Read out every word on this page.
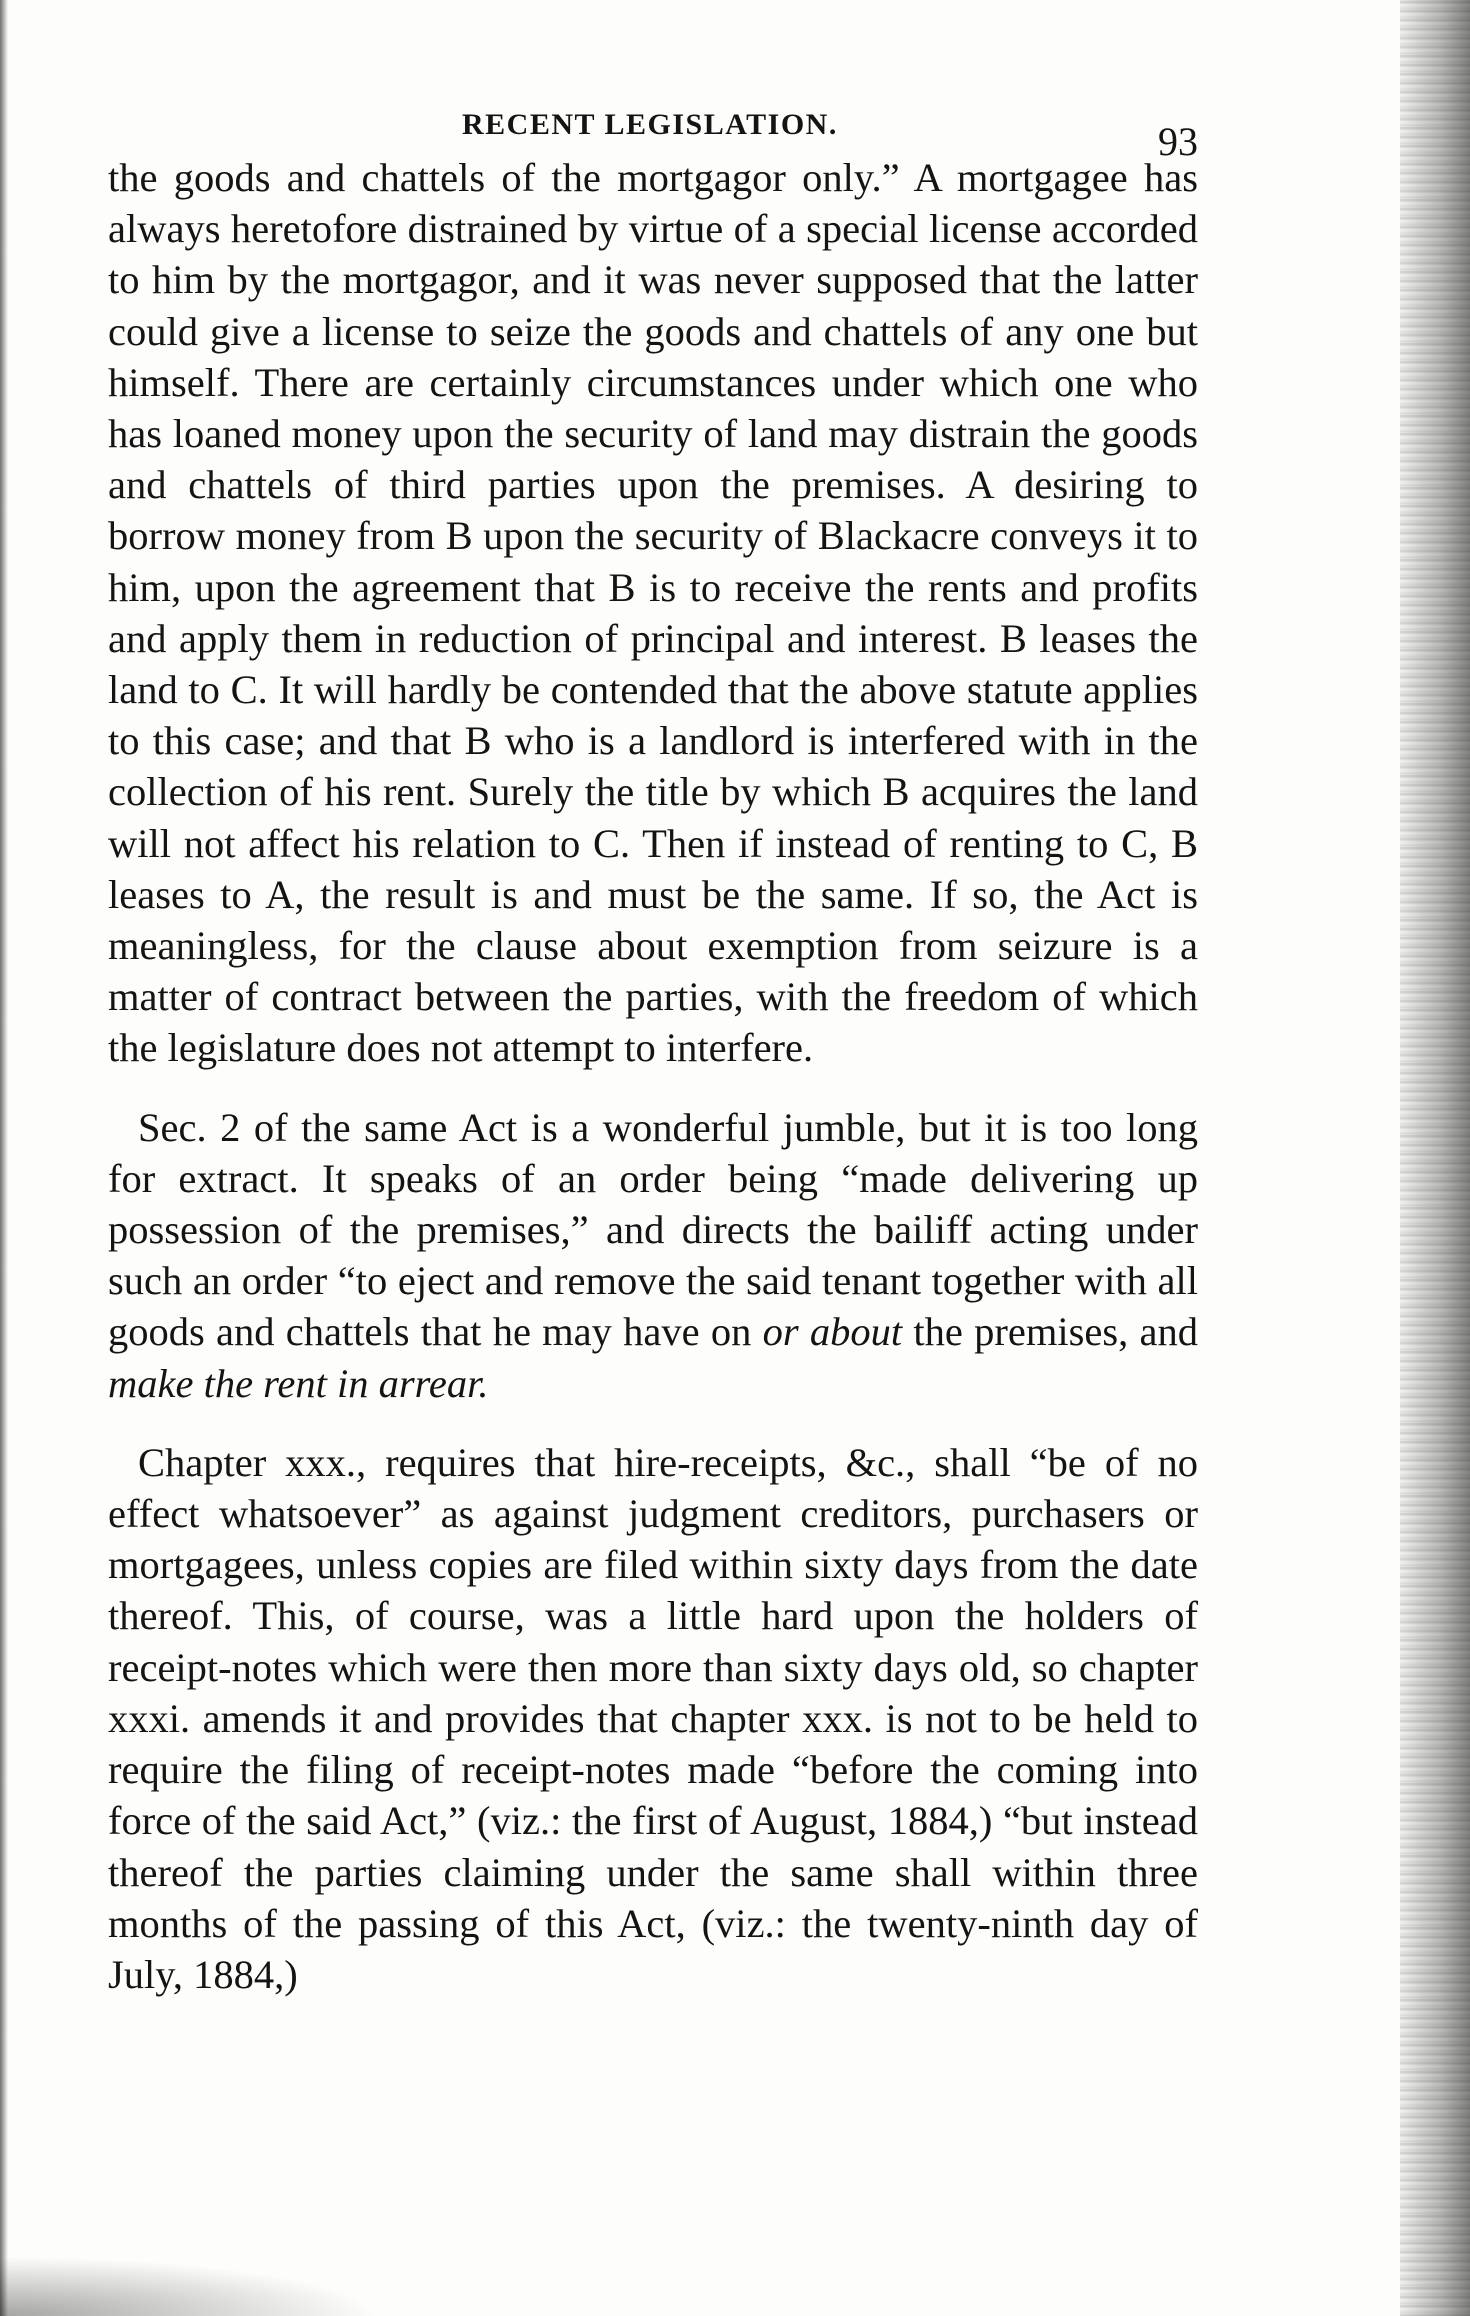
RECENT LEGISLATION.	93

the goods and chattels of the mortgagor only.” A mortgagee has always heretofore distrained by virtue of a special license accorded to him by the mortgagor, and it was never supposed that the latter could give a license to seize the goods and chattels of any one but himself. There are certainly circumstances under which one who has loaned money upon the security of land may distrain the goods and chattels of third parties upon the premises. A desiring to borrow money from B upon the security of Blackacre conveys it to him, upon the agreement that B is to receive the rents and profits and apply them in reduction of principal and interest. B leases the land to C. It will hardly be contended that the above statute applies to this case; and that B who is a landlord is interfered with in the collection of his rent. Surely the title by which B acquires the land will not affect his relation to C. Then if instead of renting to C, B leases to A, the result is and must be the same. If so, the Act is meaningless, for the clause about exemption from seizure is a matter of contract between the parties, with the freedom of which the legislature does not attempt to interfere.

Sec. 2 of the same Act is a wonderful jumble, but it is too long for extract. It speaks of an order being “made delivering up possession of the premises,” and directs the bailiff acting under such an order “to eject and remove the said tenant together with all goods and chattels that he may have on or about the premises, and make the rent in arrear.

Chapter xxx., requires that hire-receipts, &c., shall “be of no effect whatsoever” as against judgment creditors, purchasers or mortgagees, unless copies are filed within sixty days from the date thereof. This, of course, was a little hard upon the holders of receipt-notes which were then more than sixty days old, so chapter xxxi. amends it and provides that chapter xxx. is not to be held to require the filing of receipt-notes made “before the coming into force of the said Act,” (viz.: the first of August, 1884,) “but instead thereof the parties claiming under the same shall within three months of the passing of this Act, (viz.: the twenty-ninth day of July, 1884,)
